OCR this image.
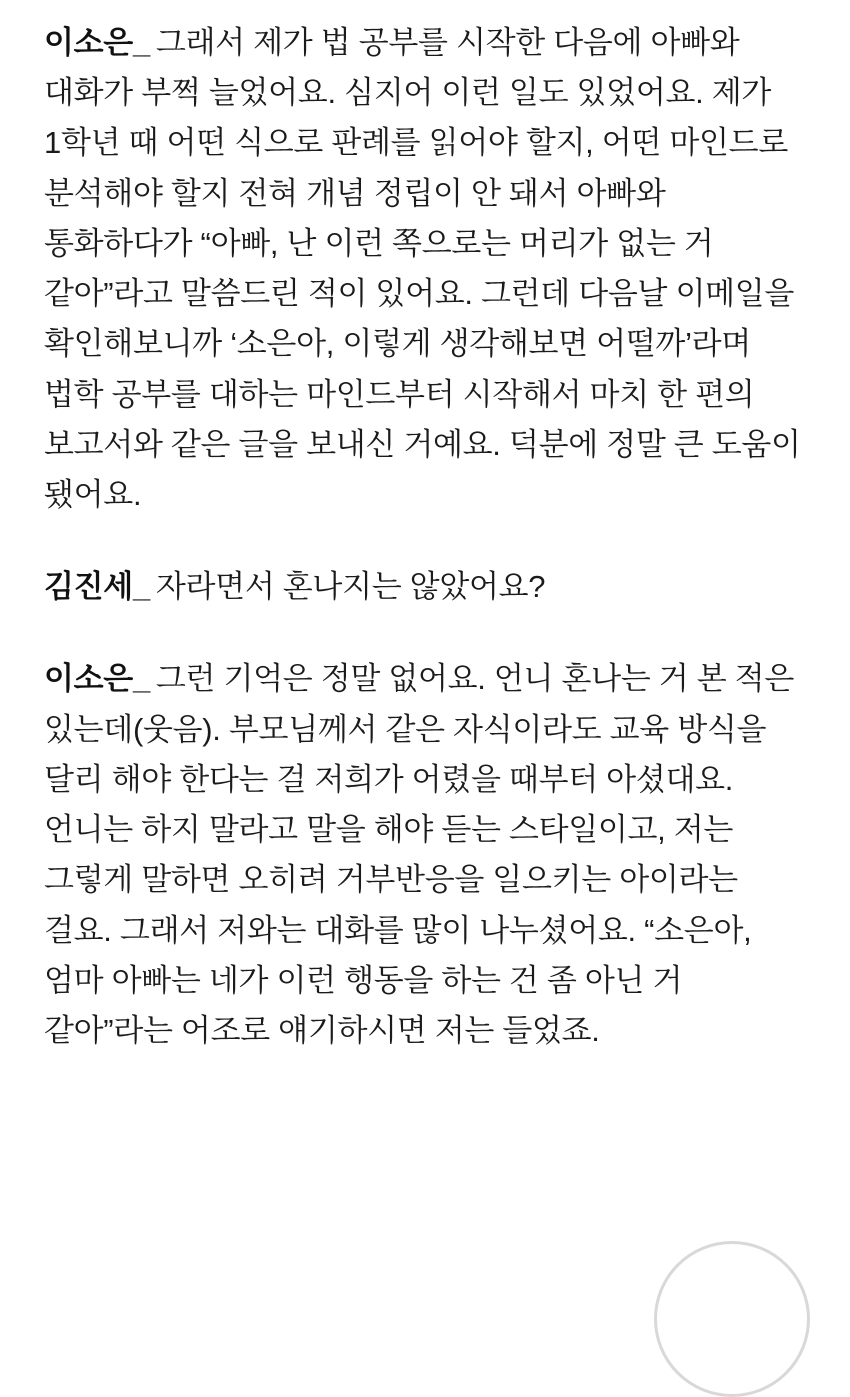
이소은_ 그래서 제가 법 공부를 시작한 다음에 아빠와 대화가 부쩍 늘었어요. 심지어 이런 일도 있었어요. 제가 1학년 때 어떤 식으로 판례를 읽어야 할지, 어떤 마인드로 분석해야 할지 전혀 개념 정립이 안 돼서 아빠와 통화하다가 “아빠, 난 이런 쪽으로는 머리가 없는 거 같아”라고 말씀드린 적이 있어요. 그런데 다음날 이메일을 확인해보니까 ‘소은아, 이렇게 생각해보면 어떨까’라며 법학 공부를 대하는 마인드부터 시작해서 마치 한 편의 보고서와 같은 글을 보내신 거예요. 덕분에 정말 큰 도움이 됐어요.

김진세_ 자라면서 혼나지는 않았어요?

이소은_ 그런 기억은 정말 없어요. 언니 혼나는 거 본 적은 있는데(웃음). 부모님께서 같은 자식이라도 교육 방식을 달리 해야 한다는 걸 저희가 어렸을 때부터 아셨대요. 언니는 하지 말라고 말을 해야 듣는 스타일이고, 저는 그렇게 말하면 오히려 거부반응을 일으키는 아이라는 걸요. 그래서 저와는 대화를 많이 나누셨어요. “소은아, 엄마 아빠는 네가 이런 행동을 하는 건 좀 아닌 거 같아”라는 어조로 얘기하시면 저는 들었죠.
